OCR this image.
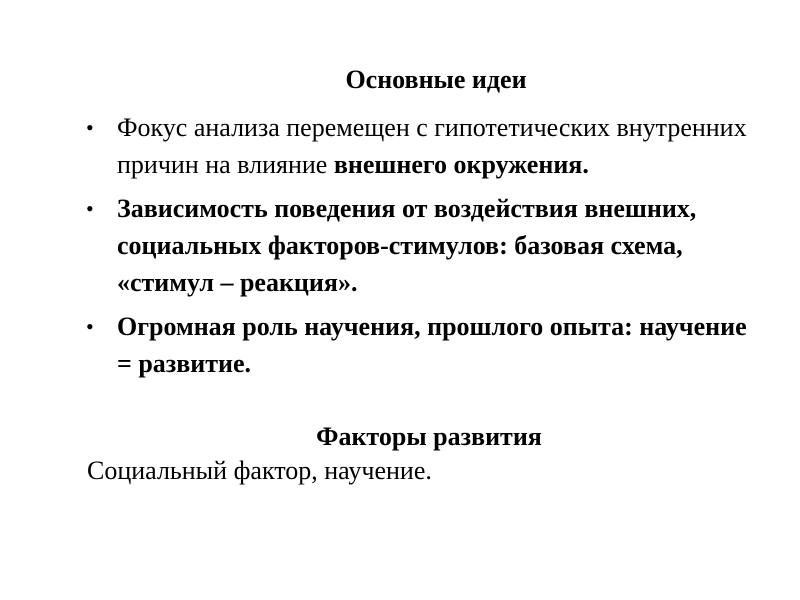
Основные идеи
• Фокус анализа перемещен с гипотетических внутренних причин на влияние внешнего окружения.
• Зависимость поведения от воздействия внешних, социальных факторов-стимулов: базовая схема, «стимул – реакция».
• Огромная роль научения, прошлого опыта: научение = развитие.
Факторы развития
Социальный фактор, научение.
